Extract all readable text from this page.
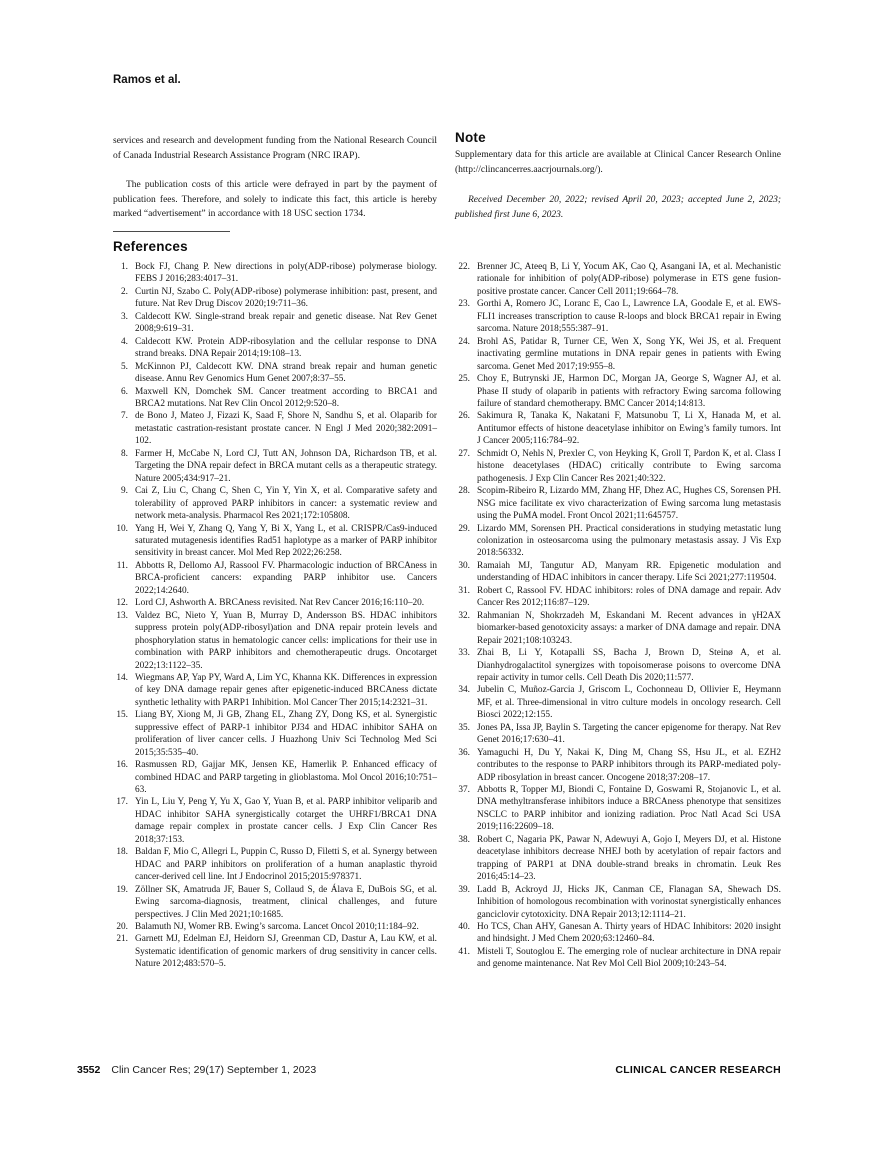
Ramos et al.
services and research and development funding from the National Research Council of Canada Industrial Research Assistance Program (NRC IRAP).
The publication costs of this article were defrayed in part by the payment of publication fees. Therefore, and solely to indicate this fact, this article is hereby marked “advertisement” in accordance with 18 USC section 1734.
Note
Supplementary data for this article are available at Clinical Cancer Research Online (http://clincancerres.aacrjournals.org/).
Received December 20, 2022; revised April 20, 2023; accepted June 2, 2023; published first June 6, 2023.
References
1. Bock FJ, Chang P. New directions in poly(ADP-ribose) polymerase biology. FEBS J 2016;283:4017–31.
2. Curtin NJ, Szabo C. Poly(ADP-ribose) polymerase inhibition: past, present, and future. Nat Rev Drug Discov 2020;19:711–36.
3. Caldecott KW. Single-strand break repair and genetic disease. Nat Rev Genet 2008;9:619–31.
4. Caldecott KW. Protein ADP-ribosylation and the cellular response to DNA strand breaks. DNA Repair 2014;19:108–13.
5. McKinnon PJ, Caldecott KW. DNA strand break repair and human genetic disease. Annu Rev Genomics Hum Genet 2007;8:37–55.
6. Maxwell KN, Domchek SM. Cancer treatment according to BRCA1 and BRCA2 mutations. Nat Rev Clin Oncol 2012;9:520–8.
7. de Bono J, Mateo J, Fizazi K, Saad F, Shore N, Sandhu S, et al. Olaparib for metastatic castration-resistant prostate cancer. N Engl J Med 2020;382:2091–102.
8. Farmer H, McCabe N, Lord CJ, Tutt AN, Johnson DA, Richardson TB, et al. Targeting the DNA repair defect in BRCA mutant cells as a therapeutic strategy. Nature 2005;434:917–21.
9. Cai Z, Liu C, Chang C, Shen C, Yin Y, Yin X, et al. Comparative safety and tolerability of approved PARP inhibitors in cancer: a systematic review and network meta-analysis. Pharmacol Res 2021;172:105808.
10. Yang H, Wei Y, Zhang Q, Yang Y, Bi X, Yang L, et al. CRISPR/Cas9-induced saturated mutagenesis identifies Rad51 haplotype as a marker of PARP inhibitor sensitivity in breast cancer. Mol Med Rep 2022;26:258.
11. Abbotts R, Dellomo AJ, Rassool FV. Pharmacologic induction of BRCAness in BRCA-proficient cancers: expanding PARP inhibitor use. Cancers 2022;14:2640.
12. Lord CJ, Ashworth A. BRCAness revisited. Nat Rev Cancer 2016;16:110–20.
13. Valdez BC, Nieto Y, Yuan B, Murray D, Andersson BS. HDAC inhibitors suppress protein poly(ADP-ribosyl)ation and DNA repair protein levels and phosphorylation status in hematologic cancer cells: implications for their use in combination with PARP inhibitors and chemotherapeutic drugs. Oncotarget 2022;13:1122–35.
14. Wiegmans AP, Yap PY, Ward A, Lim YC, Khanna KK. Differences in expression of key DNA damage repair genes after epigenetic-induced BRCAness dictate synthetic lethality with PARP1 Inhibition. Mol Cancer Ther 2015;14:2321–31.
15. Liang BY, Xiong M, Ji GB, Zhang EL, Zhang ZY, Dong KS, et al. Synergistic suppressive effect of PARP-1 inhibitor PJ34 and HDAC inhibitor SAHA on proliferation of liver cancer cells. J Huazhong Univ Sci Technolog Med Sci 2015;35:535–40.
16. Rasmussen RD, Gajjar MK, Jensen KE, Hamerlik P. Enhanced efficacy of combined HDAC and PARP targeting in glioblastoma. Mol Oncol 2016;10:751–63.
17. Yin L, Liu Y, Peng Y, Yu X, Gao Y, Yuan B, et al. PARP inhibitor veliparib and HDAC inhibitor SAHA synergistically cotarget the UHRF1/BRCA1 DNA damage repair complex in prostate cancer cells. J Exp Clin Cancer Res 2018;37:153.
18. Baldan F, Mio C, Allegri L, Puppin C, Russo D, Filetti S, et al. Synergy between HDAC and PARP inhibitors on proliferation of a human anaplastic thyroid cancer-derived cell line. Int J Endocrinol 2015;2015:978371.
19. Zöllner SK, Amatruda JF, Bauer S, Collaud S, de Álava E, DuBois SG, et al. Ewing sarcoma-diagnosis, treatment, clinical challenges, and future perspectives. J Clin Med 2021;10:1685.
20. Balamuth NJ, Womer RB. Ewing’s sarcoma. Lancet Oncol 2010;11:184–92.
21. Garnett MJ, Edelman EJ, Heidorn SJ, Greenman CD, Dastur A, Lau KW, et al. Systematic identification of genomic markers of drug sensitivity in cancer cells. Nature 2012;483:570–5.
22. Brenner JC, Ateeq B, Li Y, Yocum AK, Cao Q, Asangani IA, et al. Mechanistic rationale for inhibition of poly(ADP-ribose) polymerase in ETS gene fusion-positive prostate cancer. Cancer Cell 2011;19:664–78.
23. Gorthi A, Romero JC, Loranc E, Cao L, Lawrence LA, Goodale E, et al. EWS-FLI1 increases transcription to cause R-loops and block BRCA1 repair in Ewing sarcoma. Nature 2018;555:387–91.
24. Brohl AS, Patidar R, Turner CE, Wen X, Song YK, Wei JS, et al. Frequent inactivating germline mutations in DNA repair genes in patients with Ewing sarcoma. Genet Med 2017;19:955–8.
25. Choy E, Butrynski JE, Harmon DC, Morgan JA, George S, Wagner AJ, et al. Phase II study of olaparib in patients with refractory Ewing sarcoma following failure of standard chemotherapy. BMC Cancer 2014;14:813.
26. Sakimura R, Tanaka K, Nakatani F, Matsunobu T, Li X, Hanada M, et al. Antitumor effects of histone deacetylase inhibitor on Ewing’s family tumors. Int J Cancer 2005;116:784–92.
27. Schmidt O, Nehls N, Prexler C, von Heyking K, Groll T, Pardon K, et al. Class I histone deacetylases (HDAC) critically contribute to Ewing sarcoma pathogenesis. J Exp Clin Cancer Res 2021;40:322.
28. Scopim-Ribeiro R, Lizardo MM, Zhang HF, Dhez AC, Hughes CS, Sorensen PH. NSG mice facilitate ex vivo characterization of Ewing sarcoma lung metastasis using the PuMA model. Front Oncol 2021;11:645757.
29. Lizardo MM, Sorensen PH. Practical considerations in studying metastatic lung colonization in osteosarcoma using the pulmonary metastasis assay. J Vis Exp 2018:56332.
30. Ramaiah MJ, Tangutur AD, Manyam RR. Epigenetic modulation and understanding of HDAC inhibitors in cancer therapy. Life Sci 2021;277:119504.
31. Robert C, Rassool FV. HDAC inhibitors: roles of DNA damage and repair. Adv Cancer Res 2012;116:87–129.
32. Rahmanian N, Shokrzadeh M, Eskandani M. Recent advances in γH2AX biomarker-based genotoxicity assays: a marker of DNA damage and repair. DNA Repair 2021;108:103243.
33. Zhai B, Li Y, Kotapalli SS, Bacha J, Brown D, Steinø A, et al. Dianhydrogalactitol synergizes with topoisomerase poisons to overcome DNA repair activity in tumor cells. Cell Death Dis 2020;11:577.
34. Jubelin C, Muñoz-Garcia J, Griscom L, Cochonneau D, Ollivier E, Heymann MF, et al. Three-dimensional in vitro culture models in oncology research. Cell Biosci 2022;12:155.
35. Jones PA, Issa JP, Baylin S. Targeting the cancer epigenome for therapy. Nat Rev Genet 2016;17:630–41.
36. Yamaguchi H, Du Y, Nakai K, Ding M, Chang SS, Hsu JL, et al. EZH2 contributes to the response to PARP inhibitors through its PARP-mediated poly-ADP ribosylation in breast cancer. Oncogene 2018;37:208–17.
37. Abbotts R, Topper MJ, Biondi C, Fontaine D, Goswami R, Stojanovic L, et al. DNA methyltransferase inhibitors induce a BRCAness phenotype that sensitizes NSCLC to PARP inhibitor and ionizing radiation. Proc Natl Acad Sci USA 2019;116:22609–18.
38. Robert C, Nagaria PK, Pawar N, Adewuyi A, Gojo I, Meyers DJ, et al. Histone deacetylase inhibitors decrease NHEJ both by acetylation of repair factors and trapping of PARP1 at DNA double-strand breaks in chromatin. Leuk Res 2016;45:14–23.
39. Ladd B, Ackroyd JJ, Hicks JK, Canman CE, Flanagan SA, Shewach DS. Inhibition of homologous recombination with vorinostat synergistically enhances ganciclovir cytotoxicity. DNA Repair 2013;12:1114–21.
40. Ho TCS, Chan AHY, Ganesan A. Thirty years of HDAC Inhibitors: 2020 insight and hindsight. J Med Chem 2020;63:12460–84.
41. Misteli T, Soutoglou E. The emerging role of nuclear architecture in DNA repair and genome maintenance. Nat Rev Mol Cell Biol 2009;10:243–54.
3552 Clin Cancer Res; 29(17) September 1, 2023	CLINICAL CANCER RESEARCH
